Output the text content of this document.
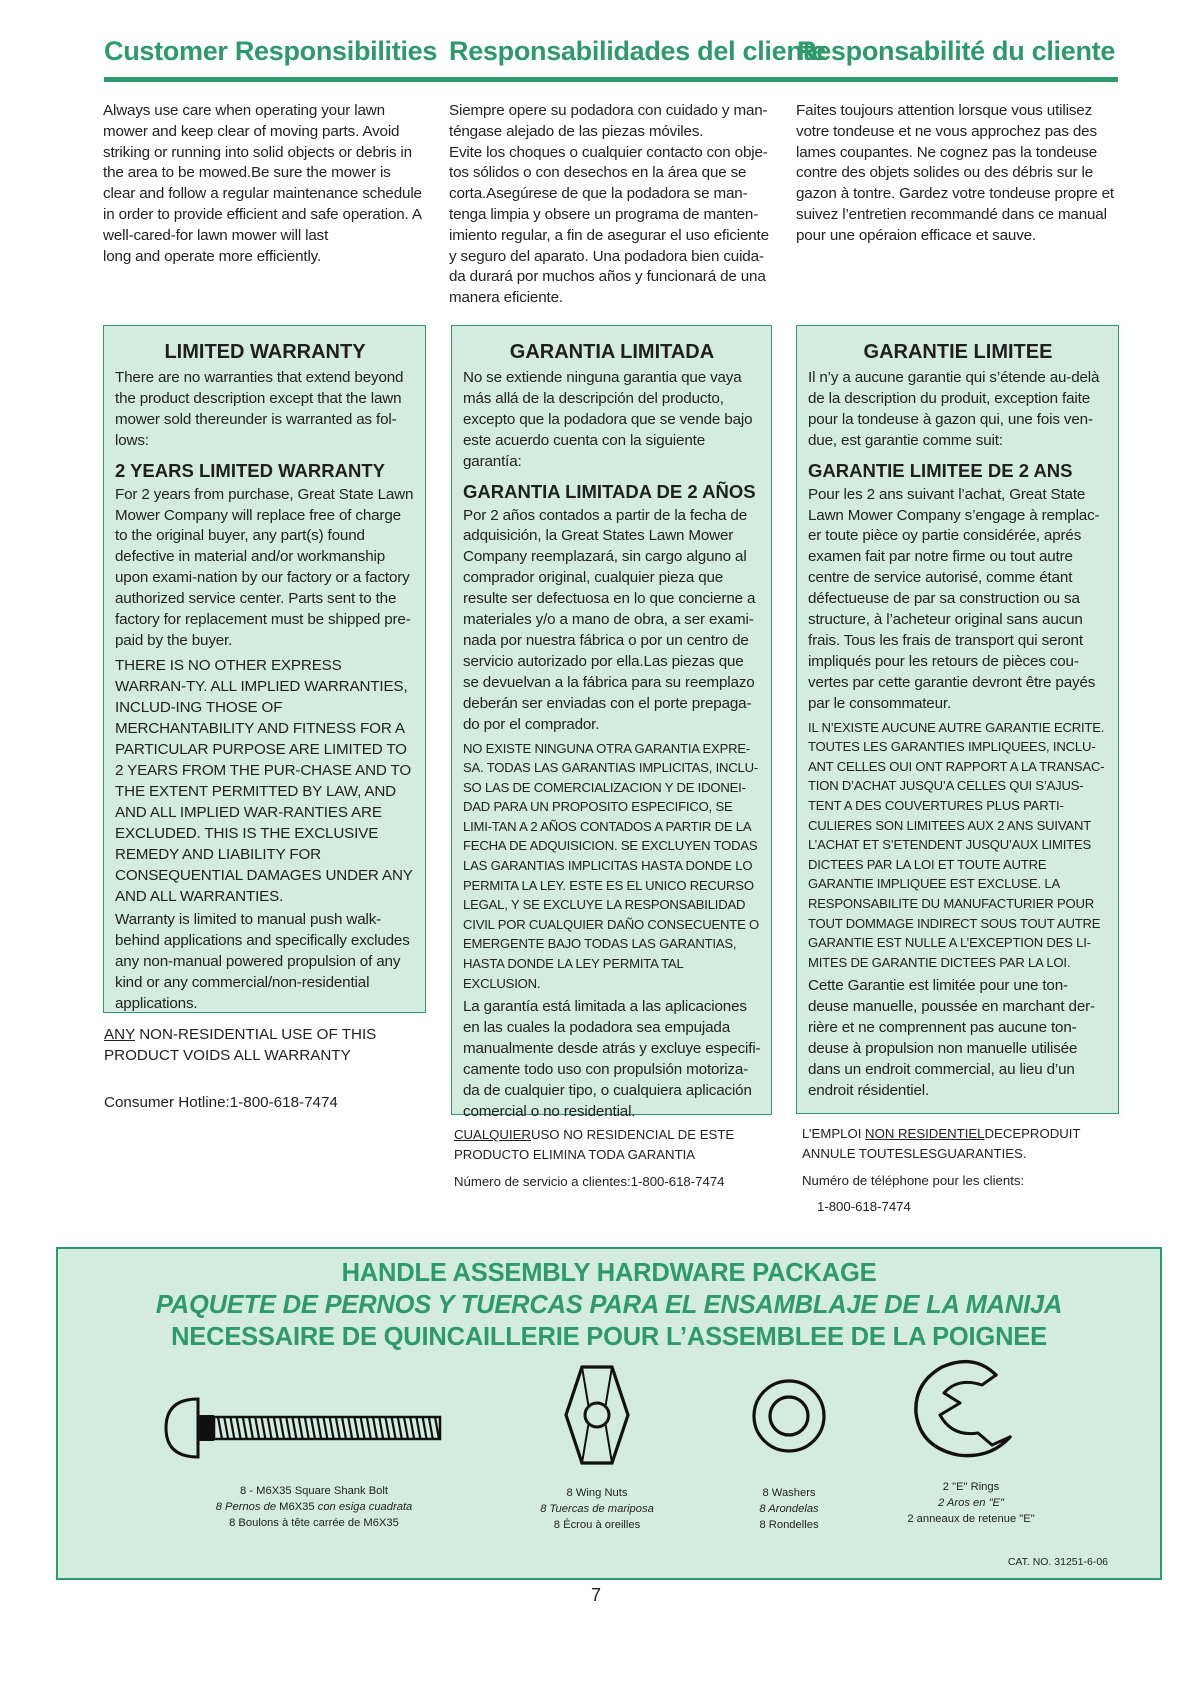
Customer Responsibilities Responsabilidades del cliente
Responsabilité du cliente
Always use care when operating your lawn
mower and keep clear of moving parts. Avoid
striking or running into solid objects or debris in
the area to be mowed.Be sure the mower is
clear and follow a regular maintenance schedule
in order to provide efficient and safe operation. A
well-cared-for lawn mower will last
long and operate more efficiently.
Siempre opere su podadora con cuidado y man-
téngase alejado de las piezas móviles.
Evite los choques o cualquier contacto con obje-
tos sólidos o con desechos en la área que se
corta.Asegúrese de que la podadora se man-
tenga limpia y obsere un programa de manten-
imiento regular, a fin de asegurar el uso eficiente
y seguro del aparato. Una podadora bien cuida-
da durará por muchos años y funcionará de una
manera eficiente.
Faites toujours attention lorsque vous utilisez
votre tondeuse et ne vous approchez pas des
lames coupantes. Ne cognez pas la tondeuse
contre des objets solides ou des débris sur le
gazon à tontre. Gardez votre tondeuse propre et
suivez l’entretien recommandé dans ce manual
pour une opéraion efficace et sauve.
LIMITED WARRANTY

There are no warranties that extend beyond the product description except that the lawn mower sold thereunder is warranted as fol-lows:

2 YEARS LIMITED WARRANTY

For 2 years from purchase, Great State Lawn Mower Company will replace free of charge to the original buyer, any part(s) found defective in material and/or workmanship upon exami-nation by our factory or a factory authorized service center. Parts sent to the factory for replacement must be shipped pre-paid by the buyer.

THERE IS NO OTHER EXPRESS WARRAN-TY. ALL IMPLIED WARRANTIES, INCLUD-ING THOSE OF MERCHANTABILITY AND FITNESS FOR A PARTICULAR PURPOSE ARE LIMITED TO 2 YEARS FROM THE PUR-CHASE AND TO THE EXTENT PERMITTED BY LAW, AND AND ALL IMPLIED WAR-RANTIES ARE EXCLUDED. THIS IS THE EXCLUSIVE REMEDY AND LIABILITY FOR CONSEQUENTIAL DAMAGES UNDER ANY AND ALL WARRANTIES.

Warranty is limited to manual push walk-behind applications and specifically excludes any non-manual powered propulsion of any kind or any commercial/non-residential applications.

GARANTIA LIMITADA

No se extiende ninguna garantia que vaya más allá de la descripción del producto, excepto que la podadora que se vende bajo este acuerdo cuenta con la siguiente garantía:

GARANTIA LIMITADA DE 2 AÑOS

Por 2 años contados a partir de la fecha de adquisición, la Great States Lawn Mower Company reemplazará, sin cargo alguno al comprador original, cualquier pieza que resulte ser defectuosa en lo que concierne a materiales y/o a mano de obra, a ser exami-nada por nuestra fábrica o por un centro de servicio autorizado por ella.Las piezas que se devuelvan a la fábrica para su reemplazo deberán ser enviadas con el porte prepaga-do por el comprador.

NO EXISTE NINGUNA OTRA GARANTIA EXPRE-SA. TODAS LAS GARANTIAS IMPLICITAS, INCLU-SO LAS DE COMERCIALIZACION Y DE IDONEI-DAD PARA UN PROPOSITO ESPECIFICO, SE LIMI-TAN A 2 AÑOS CONTADOS A PARTIR DE LA FECHA DE ADQUISICION. SE EXCLUYEN TODAS LAS GARANTIAS IMPLICITAS HASTA DONDE LO PERMITA LA LEY. ESTE ES EL UNICO RECURSO LEGAL, Y SE EXCLUYE LA RESPONSABILIDAD CIVIL POR CUALQUIER DAÑO CONSECUENTE O EMERGENTE BAJO TODAS LAS GARANTIAS, HASTA DONDE LA LEY PERMITA TAL EXCLUSION.

La garantía está limitada a las aplicaciones en las cuales la podadora sea empujada manualmente desde atrás y excluye especifi-camente todo uso con propulsión motoriza-da de cualquier tipo, o cualquiera aplicación comercial o no residential.

GARANTIE LIMITEE

Il n’y a aucune garantie qui s’étende au-delà de la description du produit, exception faite pour la tondeuse à gazon qui, une fois ven-due, est garantie comme suit:

GARANTIE LIMITEE DE 2 ANS

Pour les 2 ans suivant l’achat, Great State Lawn Mower Company s’engage à remplac-er toute pièce oy partie considérée, aprés examen fait par notre firme ou tout autre centre de service autorisé, comme étant défectueuse de par sa construction ou sa structure, à l’acheteur original sans aucun frais. Tous les frais de transport qui seront impliqués pour les retours de pièces cou-vertes par cette garantie devront être payés par le consommateur.

IL N’EXISTE AUCUNE AUTRE GARANTIE ECRITE. TOUTES LES GARANTIES IMPLIQUEES, INCLU-ANT CELLES OUI ONT RAPPORT A LA TRANSAC-TION D’ACHAT JUSQU’A CELLES QUI S’AJUS-TENT A DES COUVERTURES PLUS PARTI-CULIERES SON LIMITEES AUX 2 ANS SUIVANT L’ACHAT ET S’ETENDENT JUSQU’AUX LIMITES DICTEES PAR LA LOI ET TOUTE AUTRE GARANTIE IMPLIQUEE EST EXCLUSE. LA RESPONSABILITE DU MANUFACTURIER POUR TOUT DOMMAGE INDIRECT SOUS TOUT AUTRE GARANTIE EST NULLE A L’EXCEPTION DES LI-MITES DE GARANTIE DICTEES PAR LA LOI.

Cette Garantie est limitée pour une ton-deuse manuelle, poussée en marchant der-rière et ne comprennent pas aucune ton-deuse à propulsion non manuelle utilisée dans un endroit commercial, au lieu d’un endroit résidentiel.

ANY NON-RESIDENTIAL USE OF THIS
PRODUCT VOIDS ALL WARRANTY
Consumer Hotline:1-800-618-7474
CUALQUIERUSO NO RESIDENCIAL DE ESTE
PRODUCTO ELIMINA TODA GARANTIA
Número de servicio a clientes:1-800-618-7474
L’EMPLOI NON RESIDENTIELDECEPRODUIT
ANNULE TOUTESLESGUARANTIES.
Numéro de téléphone pour les clients:
1-800-618-7474
HANDLE ASSEMBLY HARDWARE PACKAGE
PAQUETE DE PERNOS Y TUERCAS PARA EL ENSAMBLAJE DE LA MANIJA
NECESSAIRE DE QUINCAILLERIE POUR L’ASSEMBLEE DE LA POIGNEE
8 - M6X35 Square Shank Bolt
8 Pernos de M6X35 con esiga cuadrata
8 Boulons à tête carrée de M6X35
8 Wing Nuts
8 Tuercas de mariposa
8 Écrou à oreilles
8 Washers
8 Arondelas
8 Rondelles
2 "E" Rings
2 Aros en "E"
2 anneaux de retenue "E"
CAT. NO. 31251-6-06
7
